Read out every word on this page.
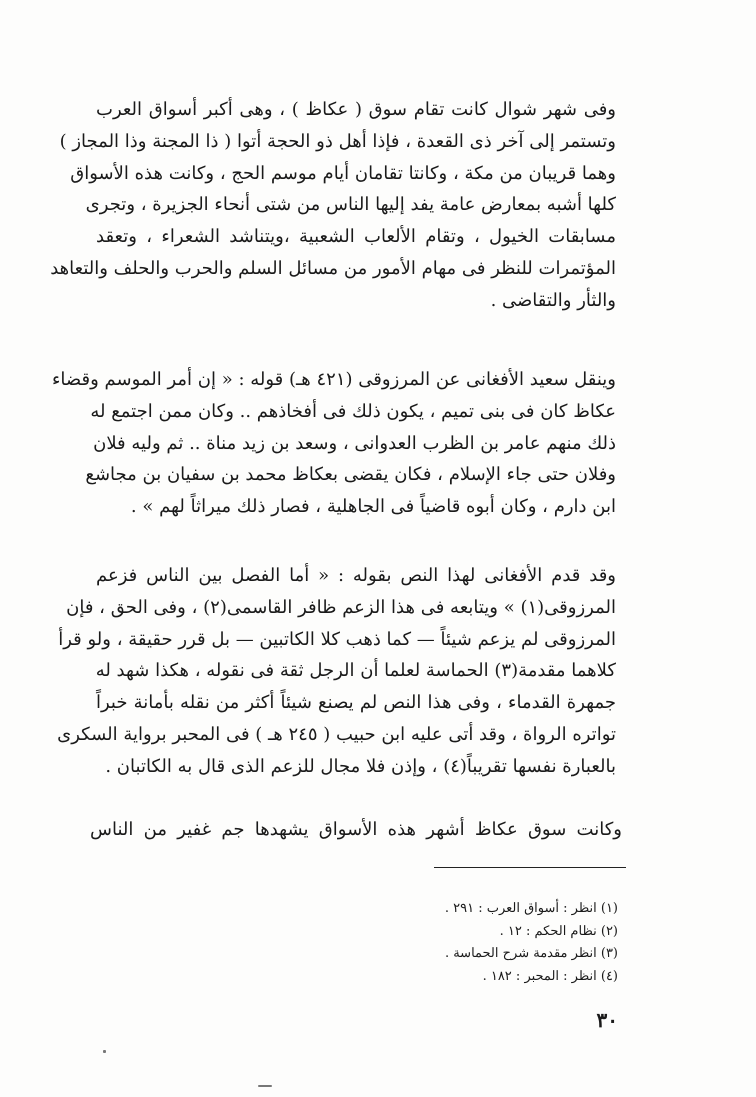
وفى شهر شوال كانت تقام سوق ( عكاظ ) ، وهى أكبر أسواق العرب
وتستمر إلى آخر ذى القعدة ، فإذا أهل ذو الحجة أتوا ( ذا المجنة وذا المجاز )
وهما قريبان من مكة ، وكانتا تقامان أيام موسم الحج ، وكانت هذه الأسواق
كلها أشبه بمعارض عامة يفد إليها الناس من شتى أنحاء الجزيرة ، وتجرى
مسابقات الخيول ، وتقام الألعاب الشعبية ،ويتناشد الشعراء ، وتعقد
المؤتمرات للنظر فى مهام الأمور من مسائل السلم والحرب والحلف والتعاهد
والثأر والتقاضى .
وينقل سعيد الأفغانى عن المرزوقى (٤٢١ هـ) قوله : « إن أمر الموسم وقضاء
عكاظ كان فى بنى تميم ، يكون ذلك فى أفخاذهم .. وكان ممن اجتمع له
ذلك منهم عامر بن الظرب العدوانى ، وسعد بن زيد مناة .. ثم وليه فلان
وفلان حتى جاء الإسلام ، فكان يقضى بعكاظ محمد بن سفيان بن مجاشع
ابن دارم ، وكان أبوه قاضياً فى الجاهلية ، فصار ذلك ميراثاً لهم » .
وقد قدم الأفغانى لهذا النص بقوله : « أما الفصل بين الناس فزعم
المرزوقى(١) » ويتابعه فى هذا الزعم ظافر القاسمى(٢) ، وفى الحق ، فإن
المرزوقى لم يزعم شيئاً — كما ذهب كلا الكاتبين — بل قرر حقيقة ، ولو قرأ
كلاهما مقدمة(٣) الحماسة لعلما أن الرجل ثقة فى نقوله ، هكذا شهد له
جمهرة القدماء ، وفى هذا النص لم يصنع شيئاً أكثر من نقله بأمانة خبراً
تواتره الرواة ، وقد أتى عليه ابن حبيب ( ٢٤٥ هـ ) فى المحبر برواية السكرى
بالعبارة نفسها تقريباً(٤) ، وإذن فلا مجال للزعم الذى قال به الكاتبان .
وكانت سوق عكاظ أشهر هذه الأسواق يشهدها جم غفير من الناس
(١) انظر : أسواق العرب : ٢٩١ .
(٢) نظام الحكم : ١٢ .
(٣) انظر مقدمة شرح الحماسة .
(٤) انظر : المحبر : ١٨٢ .
٣٠
